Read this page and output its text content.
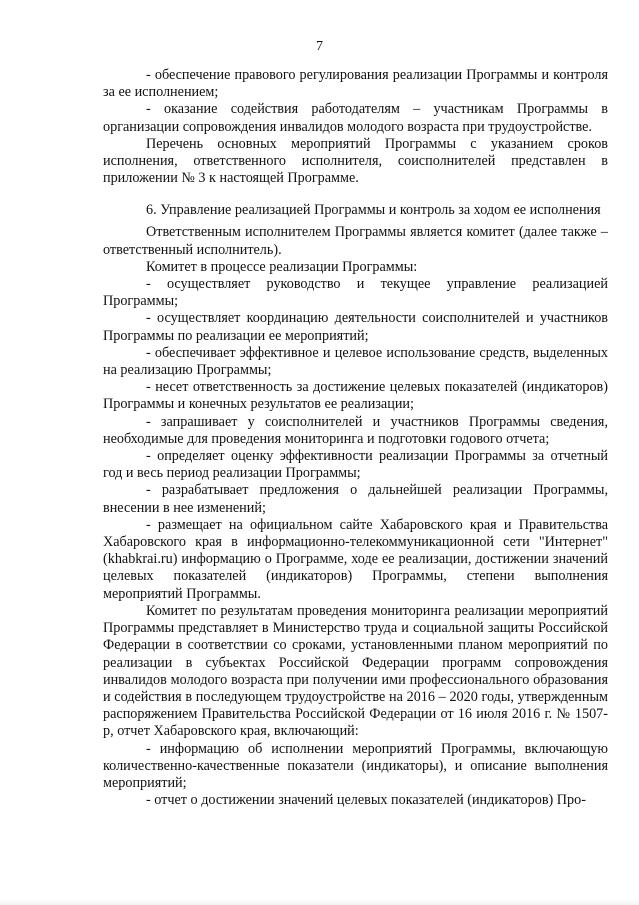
7

- обеспечение правового регулирования реализации Программы и контроля за ее исполнением;

- оказание содействия работодателям – участникам Программы в организации сопровождения инвалидов молодого возраста при трудоустройстве.

Перечень основных мероприятий Программы с указанием сроков исполнения, ответственного исполнителя, соисполнителей представлен в приложении № 3 к настоящей Программе.

6. Управление реализацией Программы и контроль за ходом ее исполнения

Ответственным исполнителем Программы является комитет (далее также – ответственный исполнитель).

Комитет в процессе реализации Программы:

- осуществляет руководство и текущее управление реализацией Программы;

- осуществляет координацию деятельности соисполнителей и участников Программы по реализации ее мероприятий;

- обеспечивает эффективное и целевое использование средств, выделенных на реализацию Программы;

- несет ответственность за достижение целевых показателей (индикаторов) Программы и конечных результатов ее реализации;

- запрашивает у соисполнителей и участников Программы сведения, необходимые для проведения мониторинга и подготовки годового отчета;

- определяет оценку эффективности реализации Программы за отчетный год и весь период реализации Программы;

- разрабатывает предложения о дальнейшей реализации Программы, внесении в нее изменений;

- размещает на официальном сайте Хабаровского края и Правительства Хабаровского края в информационно-телекоммуникационной сети "Интернет" (khabkrai.ru) информацию о Программе, ходе ее реализации, достижении значений целевых показателей (индикаторов) Программы, степени выполнения мероприятий Программы.

Комитет по результатам проведения мониторинга реализации мероприятий Программы представляет в Министерство труда и социальной защиты Российской Федерации в соответствии со сроками, установленными планом мероприятий по реализации в субъектах Российской Федерации программ сопровождения инвалидов молодого возраста при получении ими профессионального образования и содействия в последующем трудоустройстве на 2016 – 2020 годы, утвержденным распоряжением Правительства Российской Федерации от 16 июля 2016 г. № 1507-р, отчет Хабаровского края, включающий:

- информацию об исполнении мероприятий Программы, включающую количественно-качественные показатели (индикаторы), и описание выполнения мероприятий;

- отчет о достижении значений целевых показателей (индикаторов) Про-
